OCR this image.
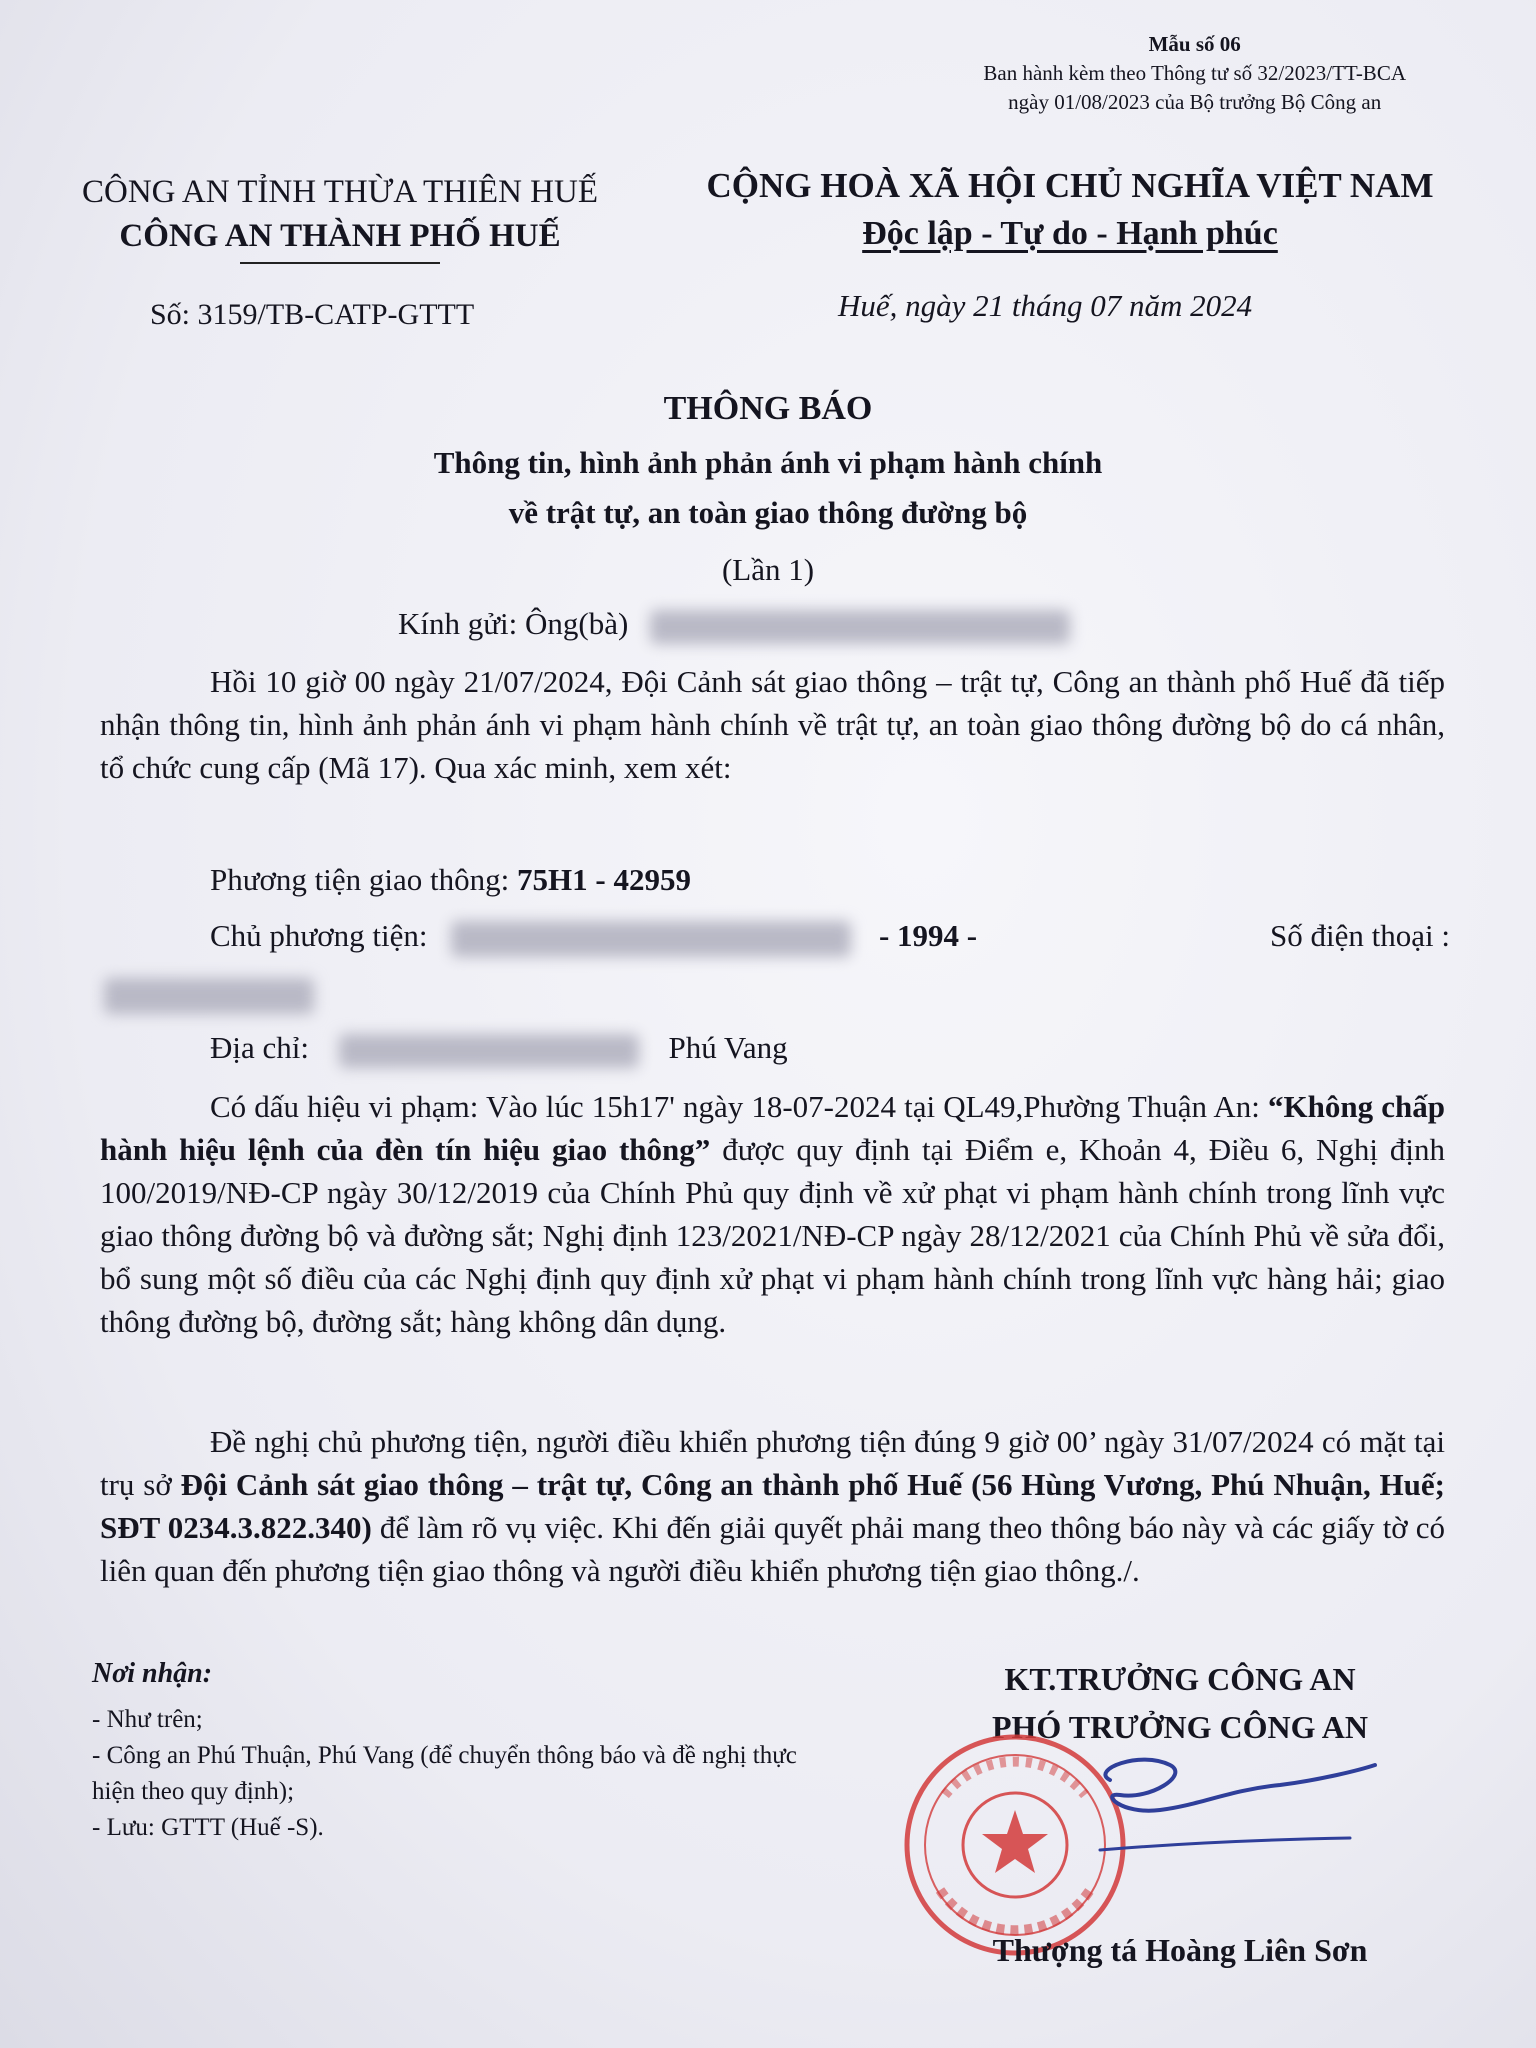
Mẫu số 06
Ban hành kèm theo Thông tư số 32/2023/TT-BCA
ngày 01/08/2023 của Bộ trưởng Bộ Công an
CÔNG AN TỈNH THỪA THIÊN HUẾ
CÔNG AN THÀNH PHỐ HUẾ
CỘNG HOÀ XÃ HỘI CHỦ NGHĨA VIỆT NAM
Độc lập - Tự do - Hạnh phúc
Số: 3159/TB-CATP-GTTT	Huế, ngày 21 tháng 07 năm 2024
THÔNG BÁO
Thông tin, hình ảnh phản ánh vi phạm hành chính
về trật tự, an toàn giao thông đường bộ
(Lần 1)
Kính gửi: Ông(bà)

Hồi 10 giờ 00 ngày 21/07/2024, Đội Cảnh sát giao thông – trật tự, Công an thành phố Huế đã tiếp nhận thông tin, hình ảnh phản ánh vi phạm hành chính về trật tự, an toàn giao thông đường bộ do cá nhân, tổ chức cung cấp (Mã 17). Qua xác minh, xem xét:

Phương tiện giao thông: 75H1 - 42959
Chủ phương tiện:	- 1994 -	Số điện thoại :
Địa chỉ:	Phú Vang

Có dấu hiệu vi phạm: Vào lúc 15h17' ngày 18-07-2024 tại QL49,Phường Thuận An: “Không chấp hành hiệu lệnh của đèn tín hiệu giao thông” được quy định tại Điểm e, Khoản 4, Điều 6, Nghị định 100/2019/NĐ-CP ngày 30/12/2019 của Chính Phủ quy định về xử phạt vi phạm hành chính trong lĩnh vực giao thông đường bộ và đường sắt; Nghị định 123/2021/NĐ-CP ngày 28/12/2021 của Chính Phủ về sửa đổi, bổ sung một số điều của các Nghị định quy định xử phạt vi phạm hành chính trong lĩnh vực hàng hải; giao thông đường bộ, đường sắt; hàng không dân dụng.

Đề nghị chủ phương tiện, người điều khiển phương tiện đúng 9 giờ 00’ ngày 31/07/2024 có mặt tại trụ sở Đội Cảnh sát giao thông – trật tự, Công an thành phố Huế (56 Hùng Vương, Phú Nhuận, Huế; SĐT 0234.3.822.340) để làm rõ vụ việc. Khi đến giải quyết phải mang theo thông báo này và các giấy tờ có liên quan đến phương tiện giao thông và người điều khiển phương tiện giao thông./.

Nơi nhận:
- Như trên;
- Công an Phú Thuận, Phú Vang (để chuyển thông báo và đề nghị thực hiện theo quy định);
- Lưu: GTTT (Huế -S).
KT.TRƯỞNG CÔNG AN
PHÓ TRƯỞNG CÔNG AN
Thượng tá Hoàng Liên Sơn
